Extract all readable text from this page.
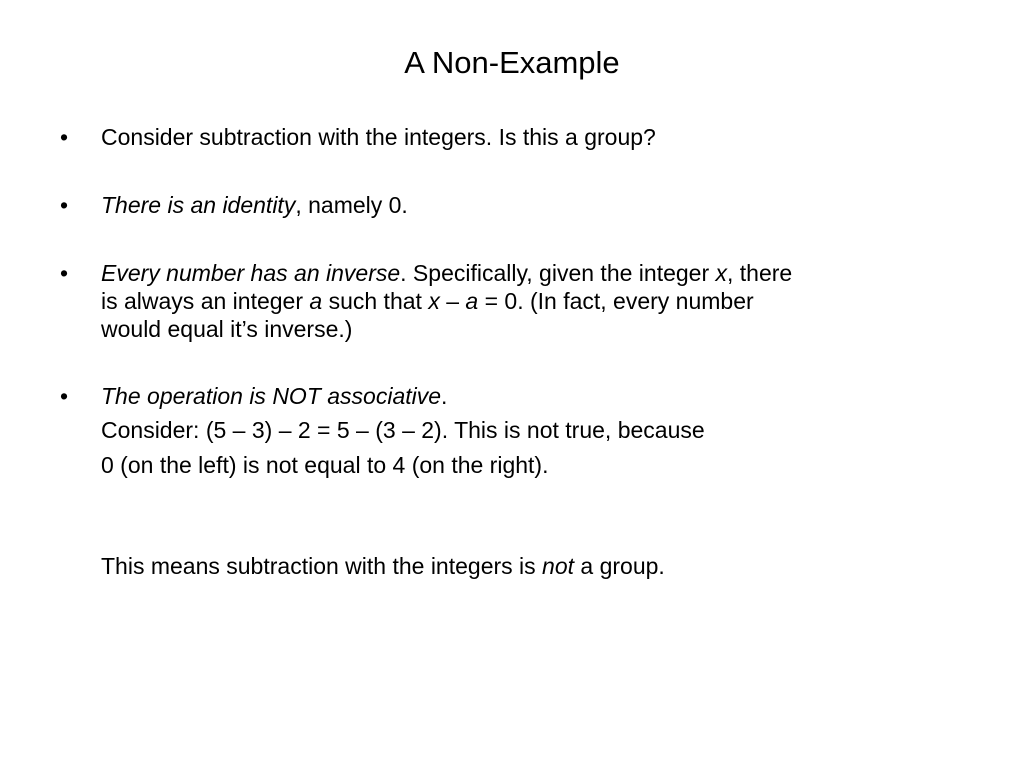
A Non-Example
• Consider subtraction with the integers. Is this a group?
• There is an identity, namely 0.
• Every number has an inverse. Specifically, given the integer x, there
is always an integer a such that x – a = 0. (In fact, every number
would equal it’s inverse.)
• The operation is NOT associative.
Consider: (5 – 3) – 2 = 5 – (3 – 2). This is not true, because
0 (on the left) is not equal to 4 (on the right).
This means subtraction with the integers is not a group.
